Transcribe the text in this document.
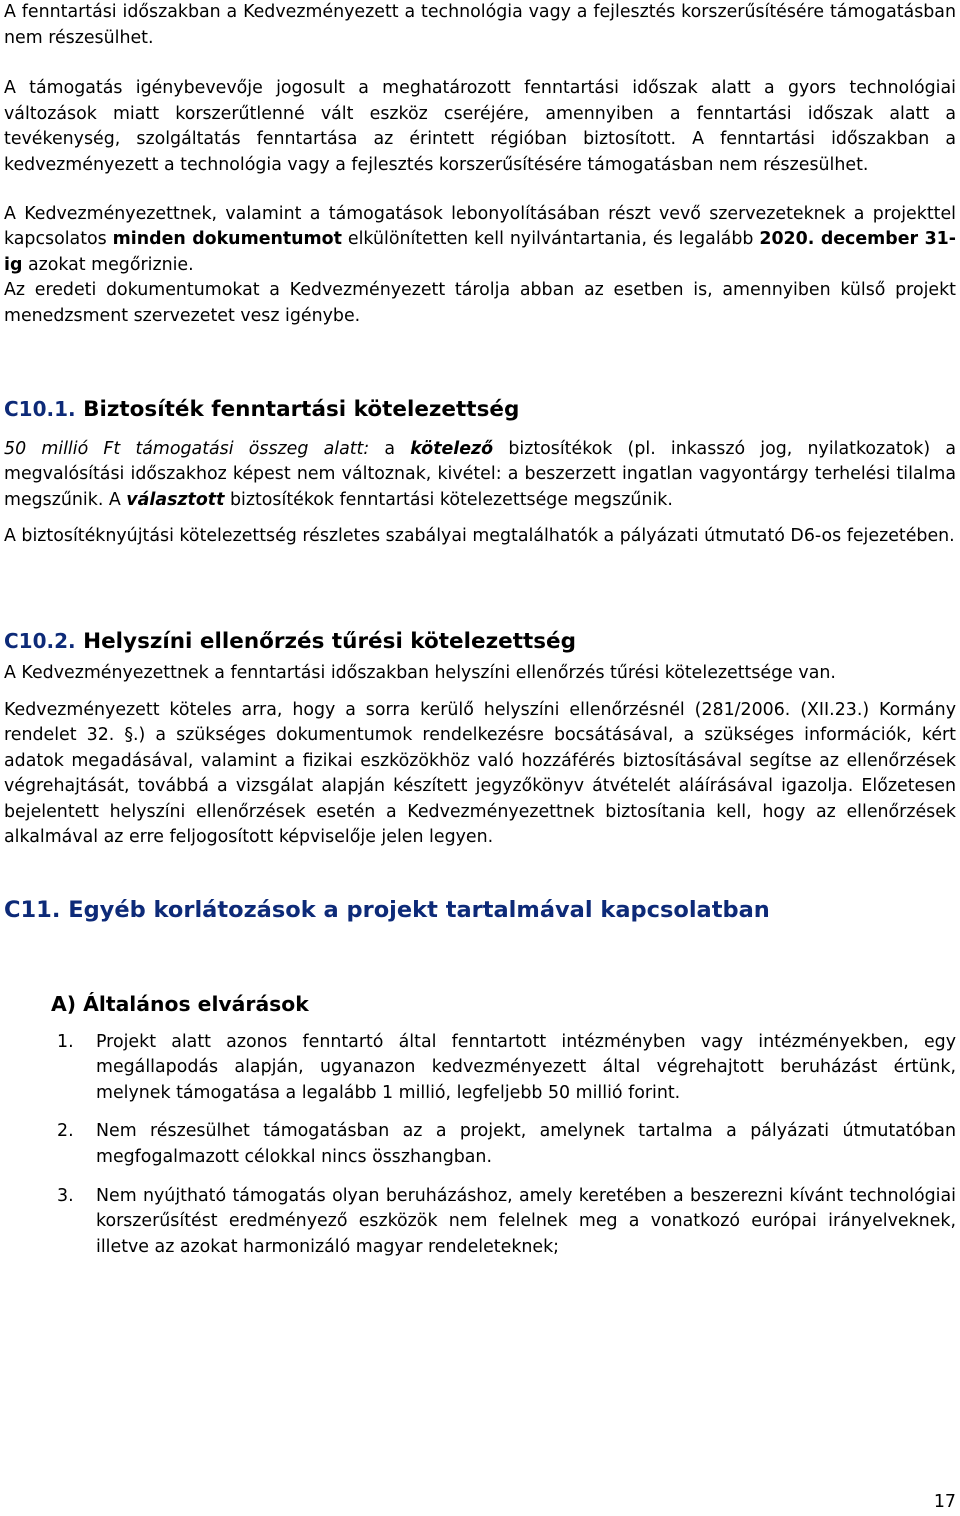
A fenntartási időszakban a Kedvezményezett a technológia vagy a fejlesztés korszerűsítésére támogatásban nem részesülhet.

A támogatás igénybevevője jogosult a meghatározott fenntartási időszak alatt a gyors technológiai változások miatt korszerűtlenné vált eszköz cseréjére, amennyiben a fenntartási időszak alatt a tevékenység, szolgáltatás fenntartása az érintett régióban biztosított. A fenntartási időszakban a kedvezményezett a technológia vagy a fejlesztés korszerűsítésére támogatásban nem részesülhet.

A Kedvezményezettnek, valamint a támogatások lebonyolításában részt vevő szervezeteknek a projekttel kapcsolatos minden dokumentumot elkülönítetten kell nyilvántartania, és legalább 2020. december 31-ig azokat megőriznie.

Az eredeti dokumentumokat a Kedvezményezett tárolja abban az esetben is, amennyiben külső projekt menedzsment szervezetet vesz igénybe.

C10.1. Biztosíték fenntartási kötelezettség

50 millió Ft támogatási összeg alatt: a kötelező biztosítékok (pl. inkasszó jog, nyilatkozatok) a megvalósítási időszakhoz képest nem változnak, kivétel: a beszerzett ingatlan vagyontárgy terhelési tilalma megszűnik. A választott biztosítékok fenntartási kötelezettsége megszűnik.

A biztosítéknyújtási kötelezettség részletes szabályai megtalálhatók a pályázati útmutató D6-os fejezetében.

C10.2. Helyszíni ellenőrzés tűrési kötelezettség

A Kedvezményezettnek a fenntartási időszakban helyszíni ellenőrzés tűrési kötelezettsége van.

Kedvezményezett köteles arra, hogy a sorra kerülő helyszíni ellenőrzésnél (281/2006. (XII.23.) Kormány rendelet 32. §.) a szükséges dokumentumok rendelkezésre bocsátásával, a szükséges információk, kért adatok megadásával, valamint a fizikai eszközökhöz való hozzáférés biztosításával segítse az ellenőrzések végrehajtását, továbbá a vizsgálat alapján készített jegyzőkönyv átvételét aláírásával igazolja. Előzetesen bejelentett helyszíni ellenőrzések esetén a Kedvezményezettnek biztosítania kell, hogy az ellenőrzések alkalmával az erre feljogosított képviselője jelen legyen.

C11. Egyéb korlátozások a projekt tartalmával kapcsolatban
A) Általános elvárások

1. Projekt alatt azonos fenntartó által fenntartott intézményben vagy intézményekben, egy megállapodás alapján, ugyanazon kedvezményezett által végrehajtott beruházást értünk, melynek támogatása a legalább 1 millió, legfeljebb 50 millió forint.

2. Nem részesülhet támogatásban az a projekt, amelynek tartalma a pályázati útmutatóban megfogalmazott célokkal nincs összhangban.

3. Nem nyújtható támogatás olyan beruházáshoz, amely keretében a beszerezni kívánt technológiai korszerűsítést eredményező eszközök nem felelnek meg a vonatkozó európai irányelveknek, illetve az azokat harmonizáló magyar rendeleteknek;

17
